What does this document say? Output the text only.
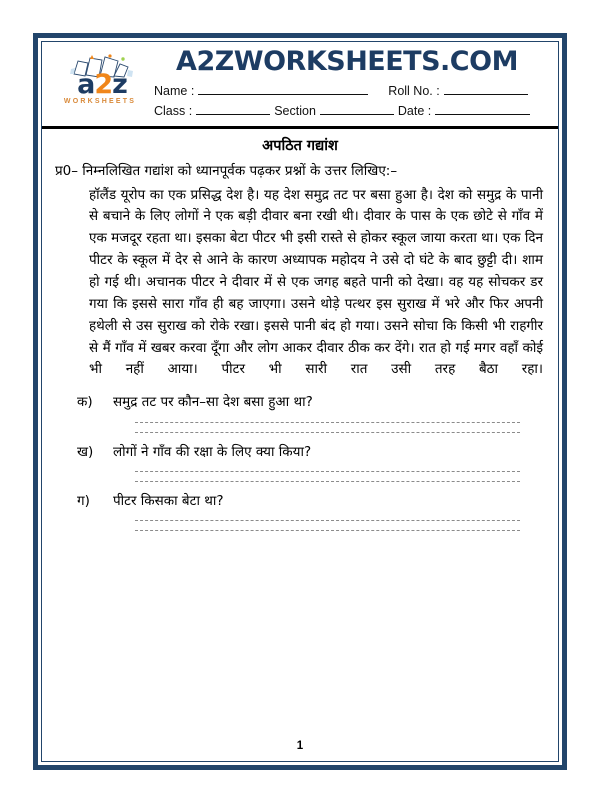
a2z
WORKSHEETS
A2ZWORKSHEETS.COM
Name :	Roll No. :
Class :	Section	Date :
अपठित गद्यांश
प्र0– निम्नलिखित गद्यांश को ध्यानपूर्वक पढ़कर प्रश्नों के उत्तर लिखिए:–
हॉलैंड यूरोप का एक प्रसिद्ध देश है। यह देश समुद्र तट पर बसा हुआ है। देश को समुद्र के पानी से बचाने के लिए लोगों ने एक बड़ी दीवार बना रखी थी। दीवार के पास के एक छोटे से गाँव में एक मजदूर रहता था। इसका बेटा पीटर भी इसी रास्ते से होकर स्कूल जाया करता था। एक दिन पीटर के स्कूल में देर से आने के कारण अध्यापक महोदय ने उसे दो घंटे के बाद छुट्टी दी। शाम हो गई थी। अचानक पीटर ने दीवार में से एक जगह बहते पानी को देखा। वह यह सोचकर डर गया कि इससे सारा गाँव ही बह जाएगा। उसने थोड़े पत्थर इस सुराख में भरे और फिर अपनी हथेली से उस सुराख को रोके रखा। इससे पानी बंद हो गया। उसने सोचा कि किसी भी राहगीर से मैं गाँव में खबर करवा दूँगा और लोग आकर दीवार ठीक कर देंगे। रात हो गई मगर वहाँ कोई भी नहीं आया। पीटर भी सारी रात उसी तरह बैठा रहा।
क)	समुद्र तट पर कौन–सा देश बसा हुआ था?
ख)	लोगों ने गाँव की रक्षा के लिए क्या किया?
ग)	पीटर किसका बेटा था?
1
